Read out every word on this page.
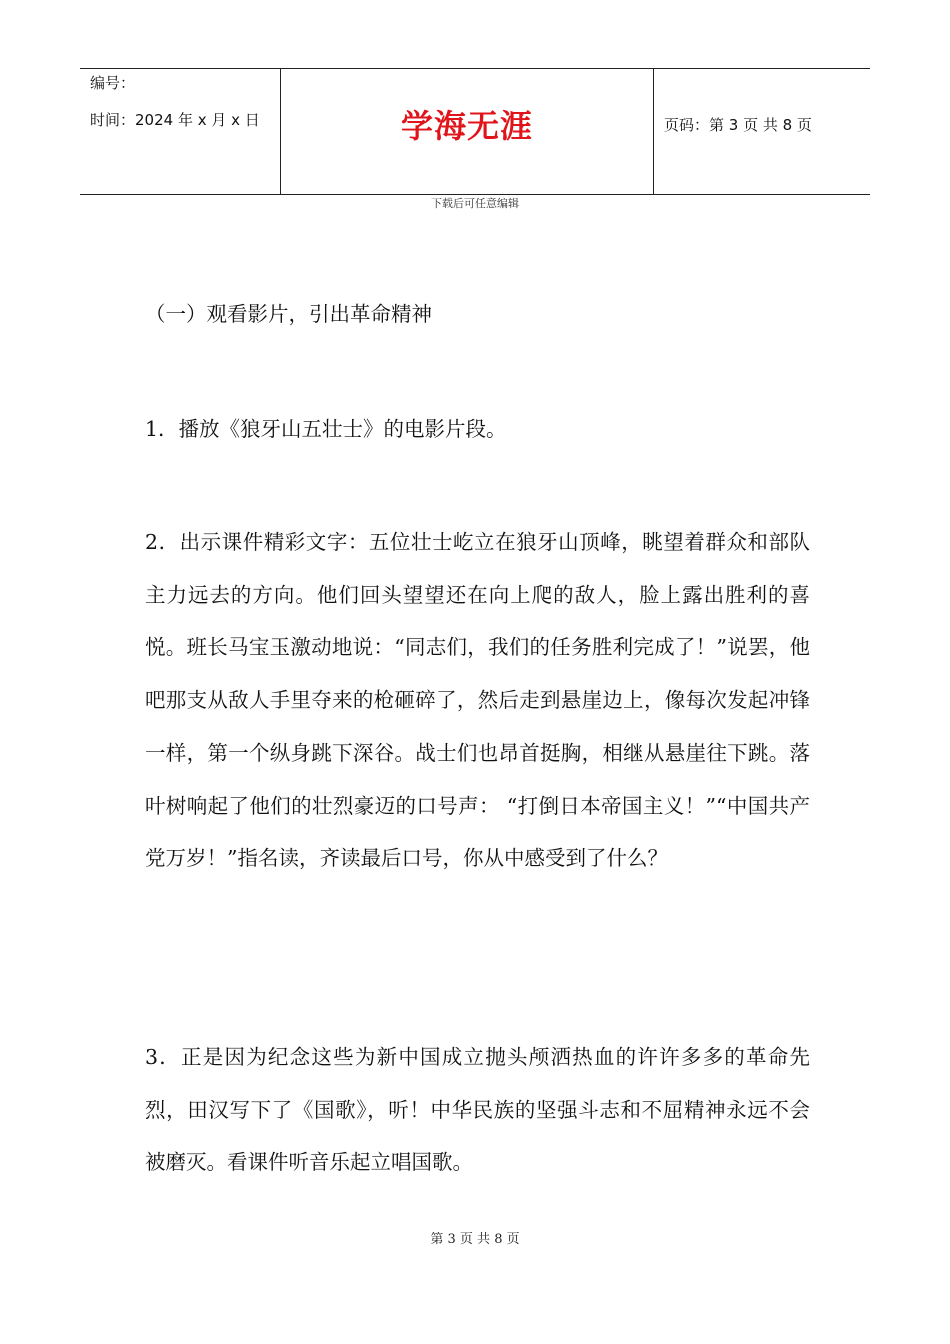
编号：
时间：2024 年 x 月 x 日	学海无涯	页码：第 3 页 共 8 页
下载后可任意编辑
（一）观看影片，引出革命精神
1．播放《狼牙山五壮士》的电影片段。
2．出示课件精彩文字：五位壮士屹立在狼牙山顶峰，眺望着群众和部队主力远去的方向。他们回头望望还在向上爬的敌人，脸上露出胜利的喜悦。班长马宝玉激动地说：“同志们，我们的任务胜利完成了！”说罢，他吧那支从敌人手里夺来的枪砸碎了，然后走到悬崖边上，像每次发起冲锋一样，第一个纵身跳下深谷。战士们也昂首挺胸，相继从悬崖往下跳。落叶树响起了他们的壮烈豪迈的口号声： “打倒日本帝国主义！”“中国共产党万岁！”指名读，齐读最后口号，你从中感受到了什么？
3．正是因为纪念这些为新中国成立抛头颅洒热血的许许多多的革命先烈，田汉写下了《国歌》，听！中华民族的坚强斗志和不屈精神永远不会被磨灭。看课件听音乐起立唱国歌。
第 3 页 共 8 页
